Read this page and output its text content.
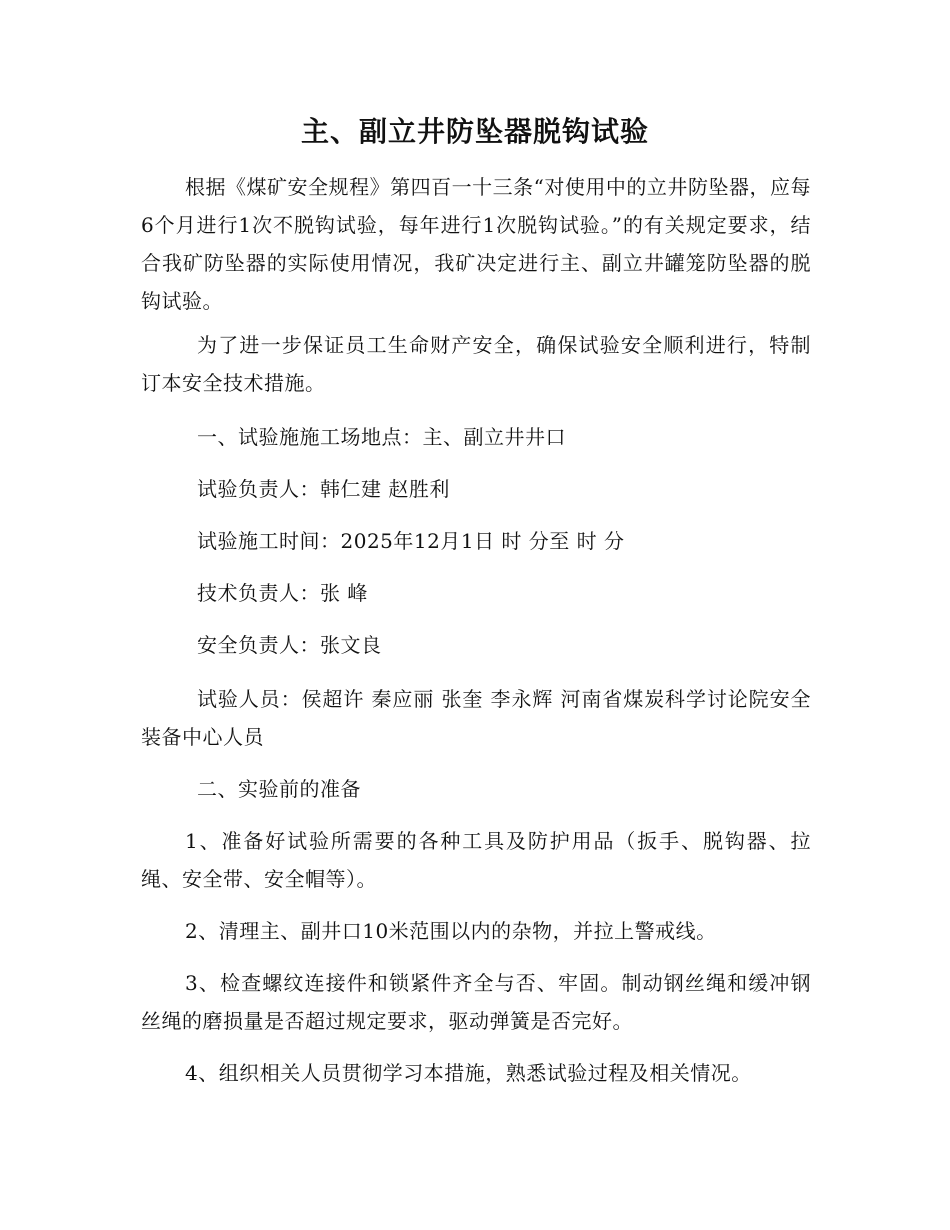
主、副立井防坠器脱钩试验

根据《煤矿安全规程》第四百一十三条“对使用中的立井防坠器，应每6个月进行1次不脱钩试验，每年进行1次脱钩试验。”的有关规定要求，结合我矿防坠器的实际使用情况，我矿决定进行主、副立井罐笼防坠器的脱钩试验。

为了进一步保证员工生命财产安全，确保试验安全顺利进行，特制订本安全技术措施。

一、试验施施工场地点：主、副立井井口

试验负责人：韩仁建 赵胜利

试验施工时间：2025年12月1日 时 分至 时 分

技术负责人：张 峰

安全负责人：张文良

试验人员：侯超许 秦应丽 张奎 李永辉 河南省煤炭科学讨论院安全装备中心人员

二、实验前的准备

1、准备好试验所需要的各种工具及防护用品（扳手、脱钩器、拉绳、安全带、安全帽等）。

2、清理主、副井口10米范围以内的杂物，并拉上警戒线。

3、检查螺纹连接件和锁紧件齐全与否、牢固。制动钢丝绳和缓冲钢丝绳的磨损量是否超过规定要求，驱动弹簧是否完好。

4、组织相关人员贯彻学习本措施，熟悉试验过程及相关情况。
